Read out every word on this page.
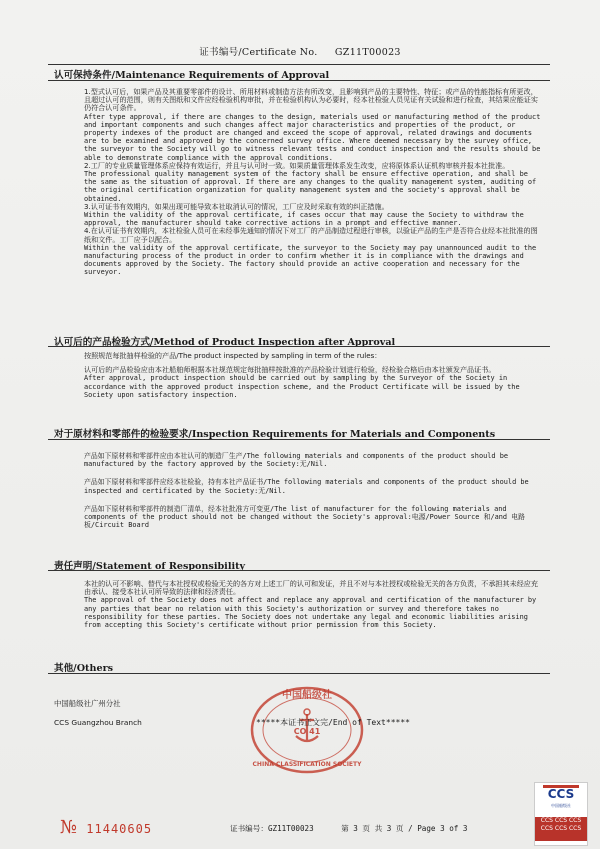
证书编号/Certificate No. GZ11T00023
认可保持条件/Maintenance Requirements of Approval

1.型式认可后，如果产品及其重要零部件的设计、所用材料或制造方法有所改变，且影响到产品的主要特性、特征；或产品的性能指标有所更改，且超过认可的范围，则有关图纸和文件应经检验机构审批，并在检验机构认为必要时，经本社检验人员见证有关试验和进行检查，其结果应能证实仍符合认可条件。

After type approval, if there are changes to the design, materials used or manufacturing method of the product and important components and such changes affect major characteristics and properties of the product, or property indexes of the product are changed and exceed the scope of approval, related drawings and documents are to be examined and approved by the concerned survey office. Where deemed necessary by the survey office, the surveyor to the Society will go to witness relevant tests and conduct inspection and the results should be able to demonstrate compliance with the approval conditions.

2.工厂的专业质量管理体系应保持有效运行，并且与认可时一致。如果质量管理体系发生改变，应将原体系认证机构审核并报本社批准。

The professional quality management system of the factory shall be ensure effective operation, and shall be the same as the situation of approval. If there are any changes to the quality management system, auditing of the original certification organization for quality management system and the society's approval shall be obtained.

3.认可证书有效期内，如果出现可能导致本社取消认可的情况，工厂应及时采取有效的纠正措施。

Within the validity of the approval certificate, if cases occur that may cause the Society to withdraw the approval, the manufacturer should take corrective actions in a prompt and effective manner.

4.在认可证书有效期内，本社检验人员可在未经事先通知的情况下对工厂的产品制造过程进行审核，以验证产品的生产是否符合业经本社批准的图纸和文件。工厂应予以配合。

Within the validity of the approval certificate, the surveyor to the Society may pay unannounced audit to the manufacturing process of the product in order to confirm whether it is in compliance with the drawings and documents approved by the Society. The factory should provide an active cooperation and necessary for the surveyor.

认可后的产品检验方式/Method of Product Inspection after Approval

按照规范每批抽样检验的产品/The product inspected by sampling in term of the rules：

认可后的产品检验应由本社船舶师根据本社规范规定每批抽样按批准的产品检验计划进行检验，经检验合格后由本社颁发产品证书。

After approval, product inspection should be carried out by sampling by the Surveyor of the Society in accordance with the approved product inspection scheme, and the Product Certificate will be issued by the Society upon satisfactory inspection.

对于原材料和零部件的检验要求/Inspection Requirements for Materials and Components

产品如下原材料和零部件应由本社认可的制造厂生产/The following materials and components of the product should be manufactured by the factory approved by the Society:无/Nil.

产品如下原材料和零部件应经本社检验，持有本社产品证书/The following materials and components of the product should be inspected and certificated by the Society:无/Nil.

产品如下原材料和零部件的制造厂清单，经本社批准方可变更/The list of manufacturer for the following materials and components of the product should not be changed without the Society's approval:电源/Power Source 和/and 电路板/Circuit Board

责任声明/Statement of Responsibility

本社的认可不影响、替代与本社授权或检验无关的各方对上述工厂的认可和发证，并且不对与本社授权或检验无关的各方负责，不承担其未经应充由承认、接受本社认可所导致的法律和经济责任。

The approval of the Society does not affect and replace any approval and certification of the manufacturer by any parties that bear no relation with this Society's authorization or survey and therefore takes no responsibility for these parties. The Society does not undertake any legal and economic liabilities arising from accepting this Society's certificate without prior permission from this Society.

其他/Others
中国船级社广州分社
CCS Guangzhou Branch
中国船级社
CO 41
CHINA CLASSIFICATION SOCIETY
*****本证书正文完/End of Text*****
№ 11440605	证书编号：GZ11T00023	第 3 页 共 3 页 / Page 3 of 3
CCS
中国船级社
CCS CCS CCS CCS CCS CCS
